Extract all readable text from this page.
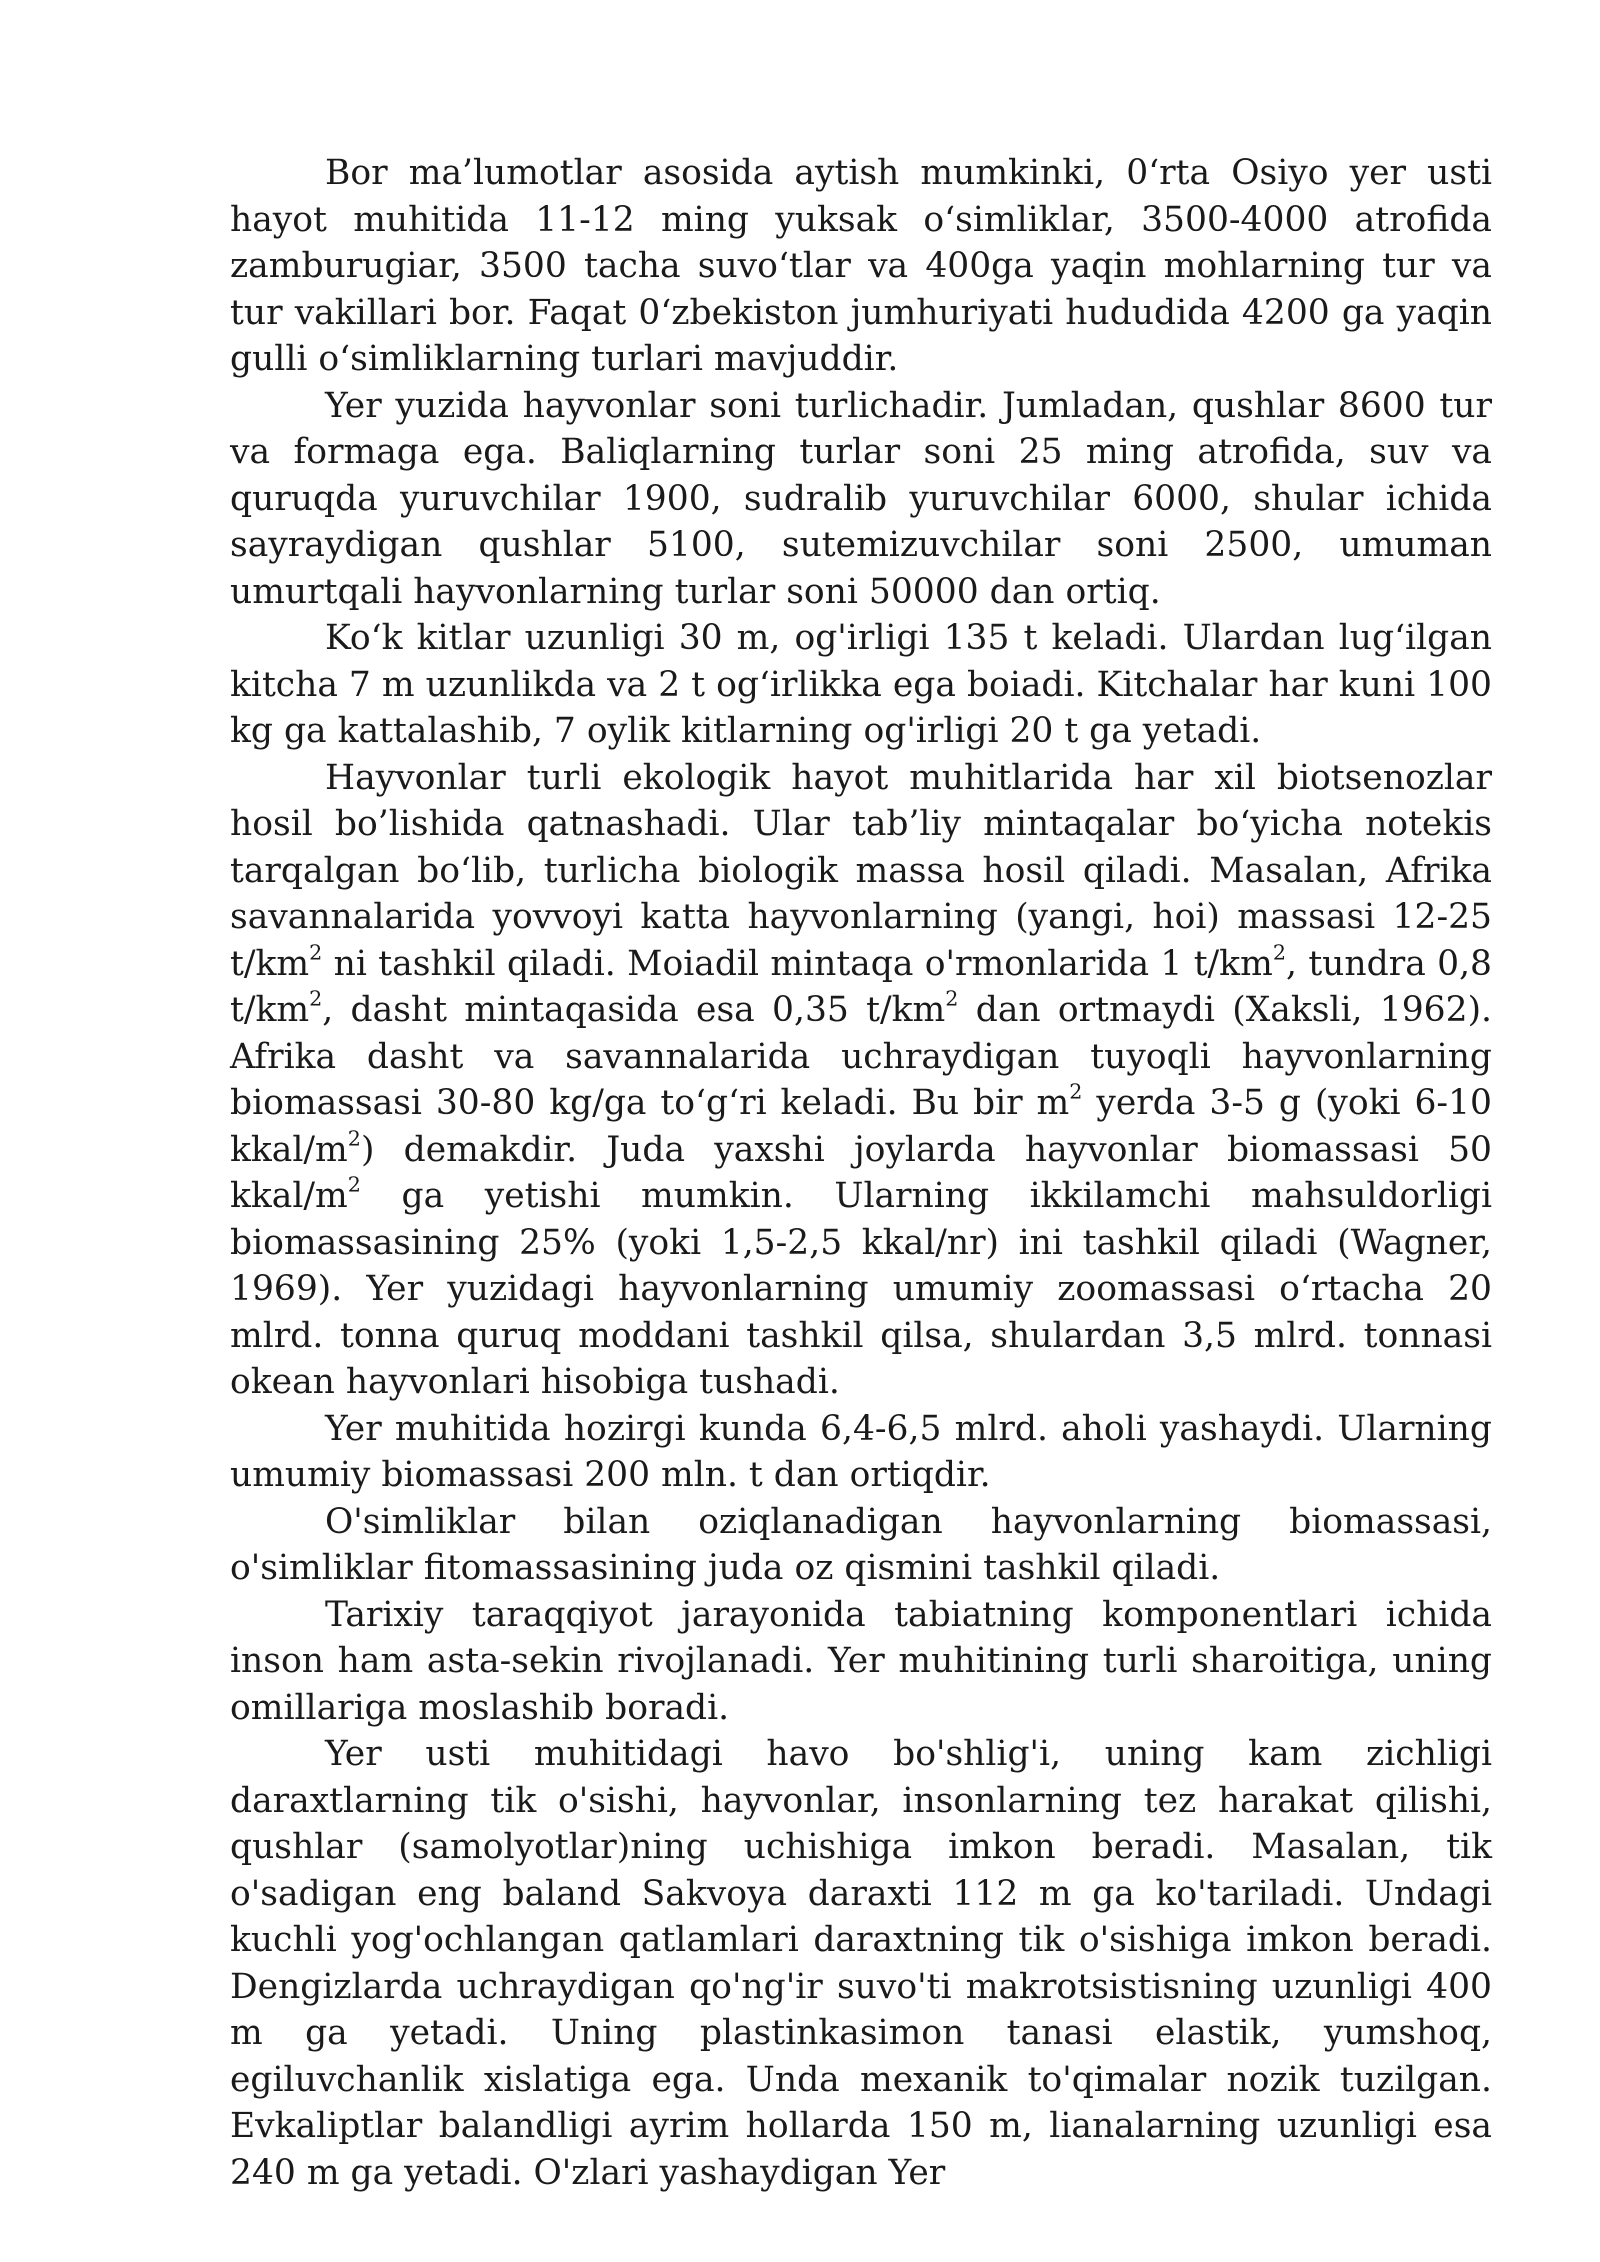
Bor ma’lumotlar asosida aytish mumkinki, 0‘rta Osiyo yer usti hayot muhitida 11-12 ming yuksak o‘simliklar, 3500-4000 atrofida zamburugiar, 3500 tacha suvo‘tlar va 400ga yaqin mohlarning tur va tur vakillari bor. Faqat 0‘zbekiston jumhuriyati hududida 4200 ga yaqin gulli o‘simliklarning turlari mavjuddir.

Yer yuzida hayvonlar soni turlichadir. Jumladan, qushlar 8600 tur va formaga ega. Baliqlarning turlar soni 25 ming atrofida, suv va quruqda yuruvchilar 1900, sudralib yuruvchilar 6000, shular ichida sayraydigan qushlar 5100, sutemizuvchilar soni 2500, umuman umurtqali hayvonlarning turlar soni 50000 dan ortiq.

Ko‘k kitlar uzunligi 30 m, og'irligi 135 t keladi. Ulardan lug‘ilgan kitcha 7 m uzunlikda va 2 t og‘irlikka ega boiadi. Kitchalar har kuni 100 kg ga kattalashib, 7 oylik kitlarning og'irligi 20 t ga yetadi.

Hayvonlar turli ekologik hayot muhitlarida har xil biotsenozlar hosil bo’lishida qatnashadi. Ular tab’liy mintaqalar bo‘yicha notekis tarqalgan bo‘lib, turlicha biologik massa hosil qiladi. Masalan, Afrika savannalarida yovvoyi katta hayvonlarning (yangi, hoi) massasi 12-25 $t/km^2$ ni tashkil qiladi. Moiadil mintaqa o'rmonlarida 1 $t/km^2$, tundra 0,8 $t/km^2$, dasht mintaqasida esa 0,35 $t/km^2$ dan ortmaydi (Xaksli, 1962). Afrika dasht va savannalarida uchraydigan tuyoqli hayvonlarning biomassasi 30-80 kg/ga to‘g‘ri keladi. Bu bir $m^2$ yerda 3-5 g (yoki 6-10 kkal/$m^2$) demakdir. Juda yaxshi joylarda hayvonlar biomassasi 50 kkal/$m^2$ ga yetishi mumkin. Ularning ikkilamchi mahsuldorligi biomassasining 25% (yoki 1,5-2,5 kkal/nr) ini tashkil qiladi (Wagner, 1969). Yer yuzidagi hayvonlarning umumiy zoomassasi o‘rtacha 20 mlrd. tonna quruq moddani tashkil qilsa, shulardan 3,5 mlrd. tonnasi okean hayvonlari hisobiga tushadi.

Yer muhitida hozirgi kunda 6,4-6,5 mlrd. aholi yashaydi. Ularning umumiy biomassasi 200 mln. t dan ortiqdir.

O'simliklar bilan oziqlanadigan hayvonlarning biomassasi, o'simliklar fitomassasining juda oz qismini tashkil qiladi.

Tarixiy taraqqiyot jarayonida tabiatning komponentlari ichida inson ham asta-sekin rivojlanadi. Yer muhitining turli sharoitiga, uning omillariga moslashib boradi.

Yer usti muhitidagi havo bo'shlig'i, uning kam zichligi daraxtlarning tik o'sishi, hayvonlar, insonlarning tez harakat qilishi, qushlar (samolyotlar)ning uchishiga imkon beradi. Masalan, tik o'sadigan eng baland Sakvoya daraxti 112 m ga ko'tariladi. Undagi kuchli yog'ochlangan qatlamlari daraxtning tik o'sishiga imkon beradi. Dengizlarda uchraydigan qo'ng'ir suvo'ti makrotsistisning uzunligi 400 m ga yetadi. Uning plastinkasimon tanasi elastik, yumshoq, egiluvchanlik xislatiga ega. Unda mexanik to'qimalar nozik tuzilgan. Evkaliptlar balandligi ayrim hollarda 150 m, lianalarning uzunligi esa 240 m ga yetadi. O'zlari yashaydigan Yer
